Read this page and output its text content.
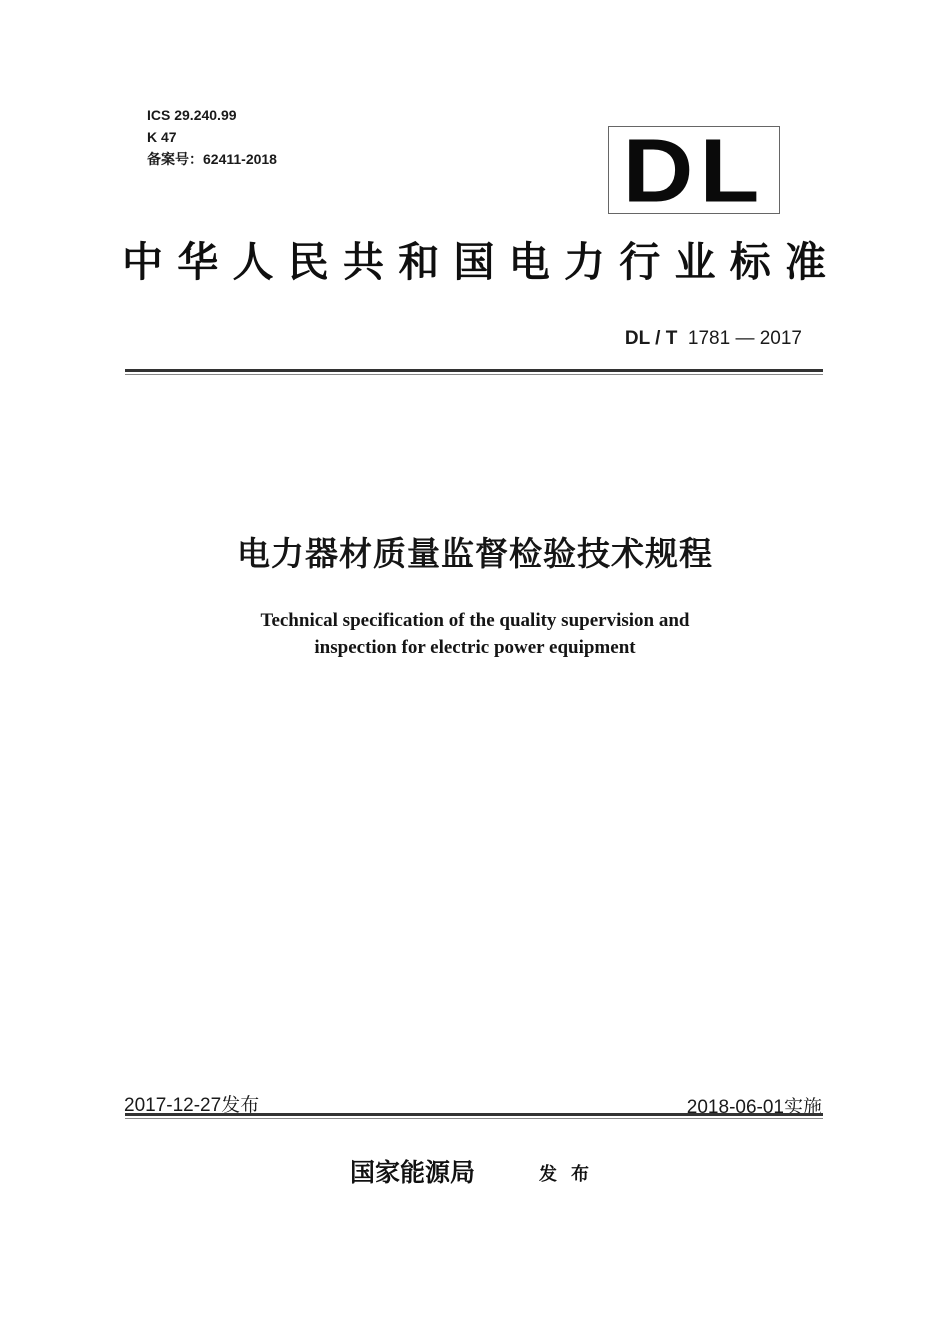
ICS 29.240.99
K 47
备案号：62411-2018	DL
中华人民共和国电力行业标准
DL / T 1781 — 2017
电力器材质量监督检验技术规程
Technical specification of the quality supervision and
inspection for electric power equipment
2017-12-27发布	2018-06-01实施
国家能源局	发布
